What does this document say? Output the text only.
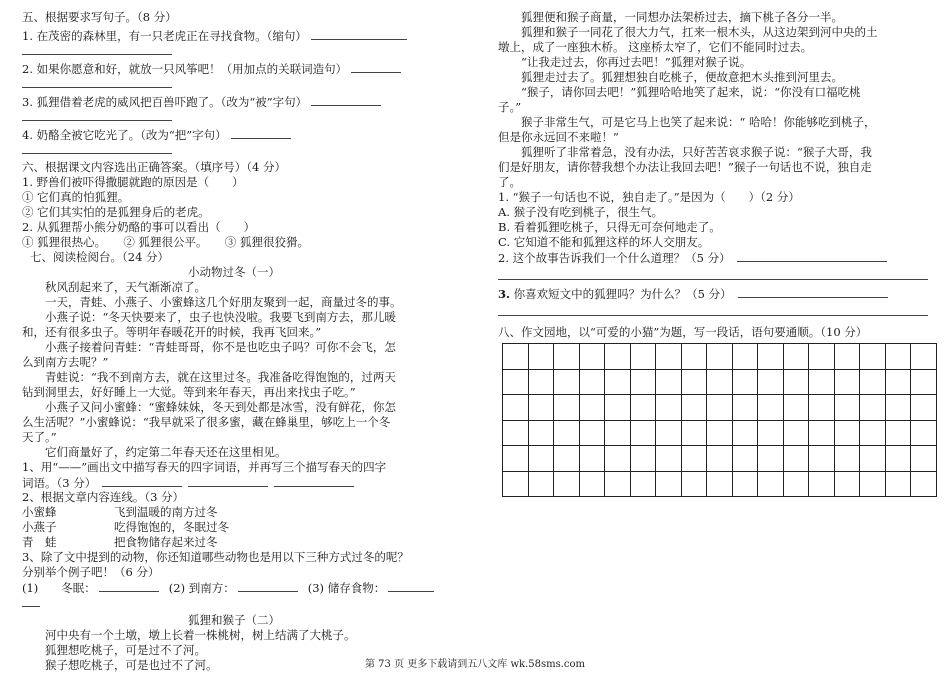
五、根据要求写句子。（8 分）
1. 在茂密的森林里，有一只老虎正在寻找食物。（缩句）
2. 如果你愿意和好，就放一只风筝吧！（用加点的关联词造句）
3. 狐狸借着老虎的威风把百兽吓跑了。（改为“被”字句）
4. 奶酪全被它吃光了。（改为“把”字句）
六、根据课文内容选出正确答案。（填序号）（4 分）
1. 野兽们被吓得撒腿就跑的原因是（　　）
① 它们真的怕狐狸。
② 它们其实怕的是狐狸身后的老虎。
2. 从狐狸帮小熊分奶酪的事可以看出（　　）
① 狐狸很热心。　　② 狐狸很公平。　　③ 狐狸很狡猾。
七、阅读检阅台。（24 分）
小动物过冬（一）
秋风刮起来了，天气渐渐凉了。
一天，青蛙、小燕子、小蜜蜂这几个好朋友聚到一起，商量过冬的事。
小燕子说：“冬天快要来了，虫子也快没啦。我要飞到南方去，那儿暖
和，还有很多虫子。等明年春暖花开的时候，我再飞回来。”
小燕子接着问青蛙：“青蛙哥哥，你不是也吃虫子吗？可你不会飞，怎
么到南方去呢？”
青蛙说：“我不到南方去，就在这里过冬。我准备吃得饱饱的，过两天
钻到洞里去，好好睡上一大觉。等到来年春天，再出来找虫子吃。”
小燕子又问小蜜蜂：“蜜蜂妹妹，冬天到处都是冰雪，没有鲜花，你怎
么生活呢？”小蜜蜂说：“我早就采了很多蜜，藏在蜂巢里，够吃上一个冬
天了。”
它们商量好了，约定第二年春天还在这里相见。
1、用“——”画出文中描写春天的四字词语，并再写三个描写春天的四字
词语。（3 分）
2、根据文章内容连线。（3 分）
小蜜蜂	飞到温暖的南方过冬
小燕子	吃得饱饱的，冬眠过冬
青　蛙	把食物储存起来过冬
3、除了文中提到的动物，你还知道哪些动物也是用以下三种方式过冬的呢？
分别举个例子吧！（6 分）
(1)　　冬眠：	(2) 到南方：	(3) 储存食物：
狐狸和猴子（二）
河中央有一个土墩，墩上长着一株桃树，树上结满了大桃子。
狐狸想吃桃子，可是过不了河。
猴子想吃桃子，可是也过不了河。
狐狸便和猴子商量，一同想办法架桥过去，摘下桃子各分一半。
狐狸和猴子一同花了很大力气，扛来一根木头，从这边架到河中央的土
墩上，成了一座独木桥。 这座桥太窄了，它们不能同时过去。
“让我走过去，你再过去吧！”狐狸对猴子说。
狐狸走过去了。狐狸想独自吃桃子，便故意把木头推到河里去。
“猴子，请你回去吧！”狐狸哈哈地笑了起来，说：“你没有口福吃桃
子。”
猴子非常生气，可是它马上也笑了起来说：“ 哈哈！你能够吃到桃子，
但是你永远回不来啦！”
狐狸听了非常着急，没有办法，只好苦苦哀求猴子说：“猴子大哥，我
们是好朋友，请你替我想个办法让我回去吧！”猴子一句话也不说，独自走
了。
1. “猴子一句话也不说，独自走了。”是因为（　　）（2 分）
A. 猴子没有吃到桃子，很生气。
B. 看着狐狸吃桃子，只得无可奈何地走了。
C. 它知道不能和狐狸这样的坏人交朋友。
2. 这个故事告诉我们一个什么道理？（5 分）
3. 你喜欢短文中的狐狸吗？为什么？（5 分）
八、作文园地，以“可爱的小猫”为题，写一段话，语句要通顺。（10 分）

第 73 页 更多下载请到五八文库 wk.58sms.com
